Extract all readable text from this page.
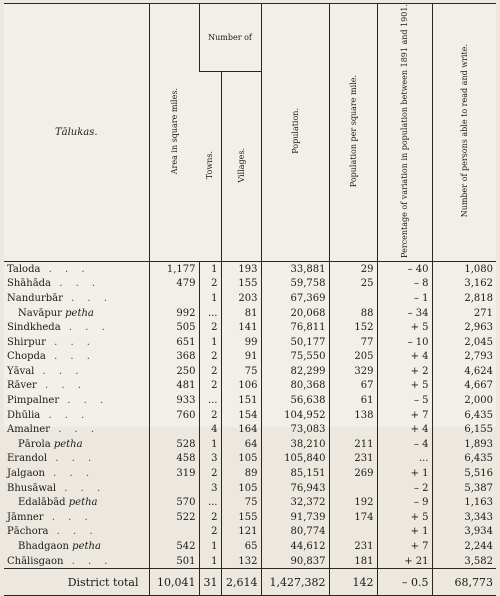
Tālukas.	Area in square miles.	Number of		Population.	Population per square mile.	Percentage of variation in population between 1891 and 1901.	Number of persons able to read and write.
		Towns.	Villages.				
Taloda . . .	1,177	1	193	33,881	29	– 40	1,080
Shāhāda . . .	479	2	155	59,758	25	– 8	3,162
Nandurbār . . .		1	203	67,369		– 1	2,818
Navāpur petha	992	...	81	20,068	88	– 34	271
Sindkheda . . .	505	2	141	76,811	152	+ 5	2,963
Shirpur . . .	651	1	99	50,177	77	– 10	2,045
Chopda . . .	368	2	91	75,550	205	+ 4	2,793
Yāval . . .	250	2	75	82,299	329	+ 2	4,624
Rāver . . .	481	2	106	80,368	67	+ 5	4,667
Pimpalner . . .	933	...	151	56,638	61	– 5	2,000
Dhūlia . . .	760	2	154	104,952	138	+ 7	6,435
Amalner . . .		4	164	73,083		+ 4	6,155
Pārola petha	528	1	64	38,210	211	– 4	1,893
Erandol . . .	458	3	105	105,840	231	...	6,435
Jalgaon . . .	319	2	89	85,151	269	+ 1	5,516
Bhusāwal . . .		3	105	76,943		– 2	5,387
Edalābād petha	570	...	75	32,372	192	– 9	1,163
Jāmner . . .	522	2	155	91,739	174	+ 5	3,343
Pāchora . . .		2	121	80,774		+ 1	3,934
Bhadgaon petha	542	1	65	44,612	231	+ 7	2,244
Chālisgaon . . .	501	1	132	90,837	181	+ 21	3,582
District total	10,041	31	2,614	1,427,382	142	– 0.5	68,773
